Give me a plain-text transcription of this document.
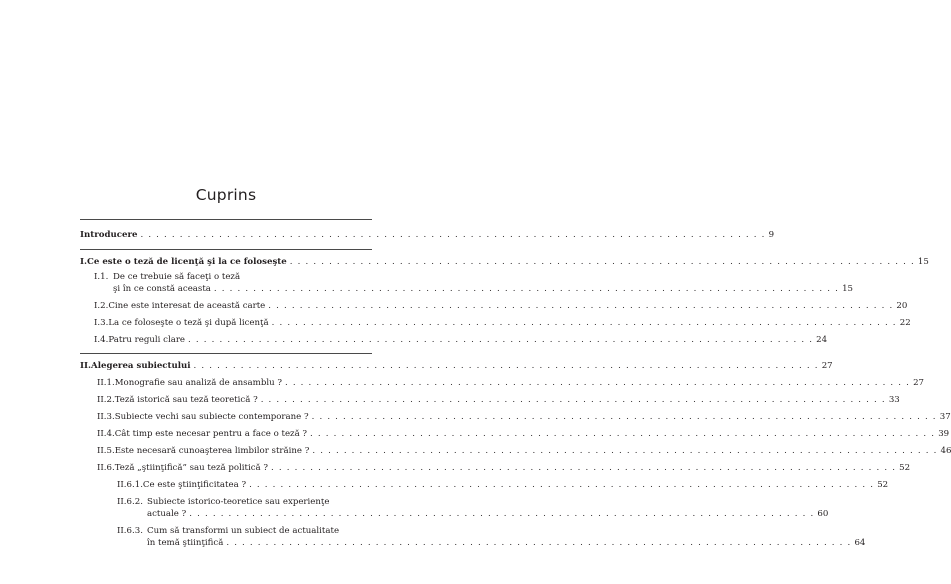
Cuprins
Introducere . . .	9
I. Ce este o teză de licenţă şi la ce foloseşte . . .	15
I.1. De ce trebuie să faceţi o teză
şi în ce constă aceasta . . .	15
I.2. Cine este interesat de această carte . . .	20
I.3. La ce foloseşte o teză şi după licenţă . . .	22
I.4. Patru reguli clare . . .	24
II. Alegerea subiectului . . .	27
II.1. Monografie sau analiză de ansamblu ? . . .	27
II.2. Teză istorică sau teză teoretică ? . . .	33
II.3. Subiecte vechi sau subiecte contemporane ? . . .	37
II.4. Cât timp este necesar pentru a face o teză ? . . .	39
II.5. Este necesară cunoaşterea limbilor străine ? . . .	46
II.6. Teză „ştiinţifică” sau teză politică ? . . .	52
II.6.1. Ce este ştiinţificitatea ? . . .	52
II.6.2. Subiecte istorico-teoretice sau experienţe
actuale ? . . .	60
II.6.3. Cum să transformi un subiect de actualitate
în temă ştiinţifică . . .	64
